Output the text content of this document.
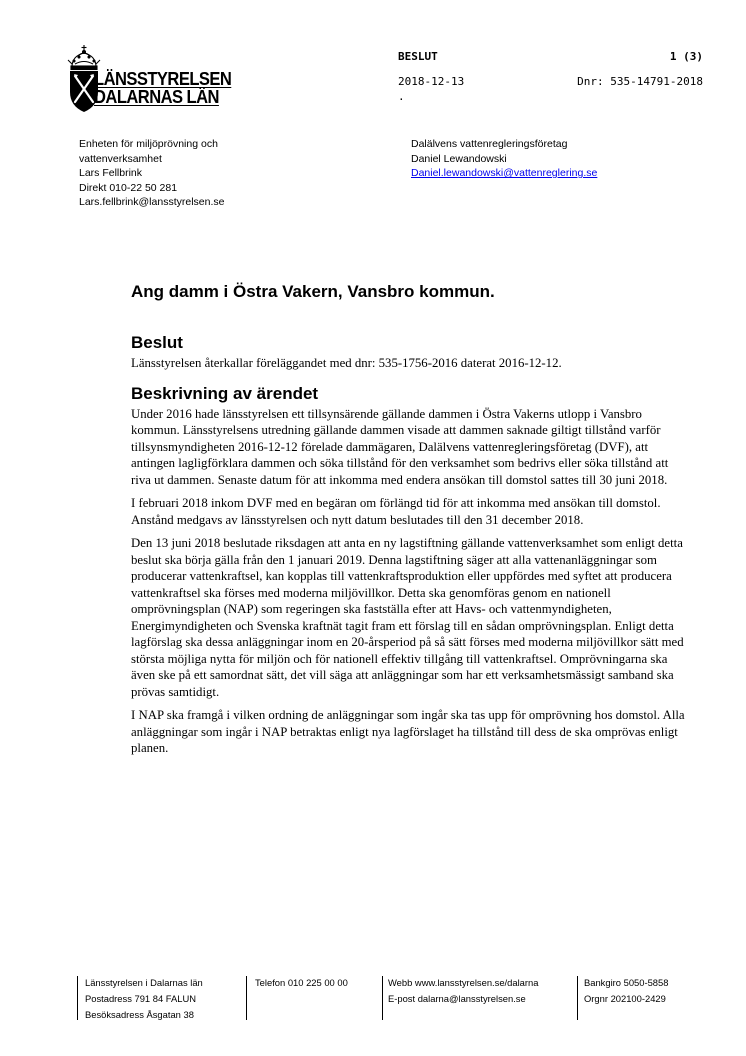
LÄNSSTYRELSEN
DALARNAS LÄN
BESLUT	1 (3)
2018-12-13	Dnr: 535-14791-2018
.
Enheten för miljöprövning och
vattenverksamhet
Lars Fellbrink
Direkt 010-22 50 281
Lars.fellbrink@lansstyrelsen.se
Dalälvens vattenregleringsföretag
Daniel Lewandowski
Daniel.lewandowski@vattenreglering.se
Ang damm i Östra Vakern, Vansbro kommun.
Beslut

Länsstyrelsen återkallar föreläggandet med dnr: 535-1756-2016 daterat 2016-12-12.

Beskrivning av ärendet

Under 2016 hade länsstyrelsen ett tillsynsärende gällande dammen i Östra Vakerns utlopp i Vansbro kommun. Länsstyrelsens utredning gällande dammen visade att dammen saknade giltigt tillstånd varför tillsynsmyndigheten 2016-12-12 förelade dammägaren, Dalälvens vattenregleringsföretag (DVF), att antingen lagligförklara dammen och söka tillstånd för den verksamhet som bedrivs eller söka tillstånd att riva ut dammen. Senaste datum för att inkomma med endera ansökan till domstol sattes till 30 juni 2018.

I februari 2018 inkom DVF med en begäran om förlängd tid för att inkomma med ansökan till domstol. Anstånd medgavs av länsstyrelsen och nytt datum beslutades till den 31 december 2018.

Den 13 juni 2018 beslutade riksdagen att anta en ny lagstiftning gällande vattenverksamhet som enligt detta beslut ska börja gälla från den 1 januari 2019. Denna lagstiftning säger att alla vattenanläggningar som producerar vattenkraftsel, kan kopplas till vattenkraftsproduktion eller uppfördes med syftet att producera vattenkraftsel ska förses med moderna miljövillkor. Detta ska genomföras genom en nationell omprövningsplan (NAP) som regeringen ska fastställa efter att Havs- och vattenmyndigheten, Energimyndigheten och Svenska kraftnät tagit fram ett förslag till en sådan omprövningsplan. Enligt detta lagförslag ska dessa anläggningar inom en 20-årsperiod på så sätt förses med moderna miljövillkor sätt med största möjliga nytta för miljön och för nationell effektiv tillgång till vattenkraftsel. Omprövningarna ska även ske på ett samordnat sätt, det vill säga att anläggningar som har ett verksamhetsmässigt samband ska prövas samtidigt.

I NAP ska framgå i vilken ordning de anläggningar som ingår ska tas upp för omprövning hos domstol. Alla anläggningar som ingår i NAP betraktas enligt nya lagförslaget ha tillstånd till dess de ska omprövas enligt planen.

Länsstyrelsen i Dalarnas län
Postadress 791 84 FALUN
Besöksadress Åsgatan 38
Telefon 010 225 00 00	Webb www.lansstyrelsen.se/dalarna
E-post dalarna@lansstyrelsen.se
Bankgiro 5050-5858
Orgnr 202100-2429
